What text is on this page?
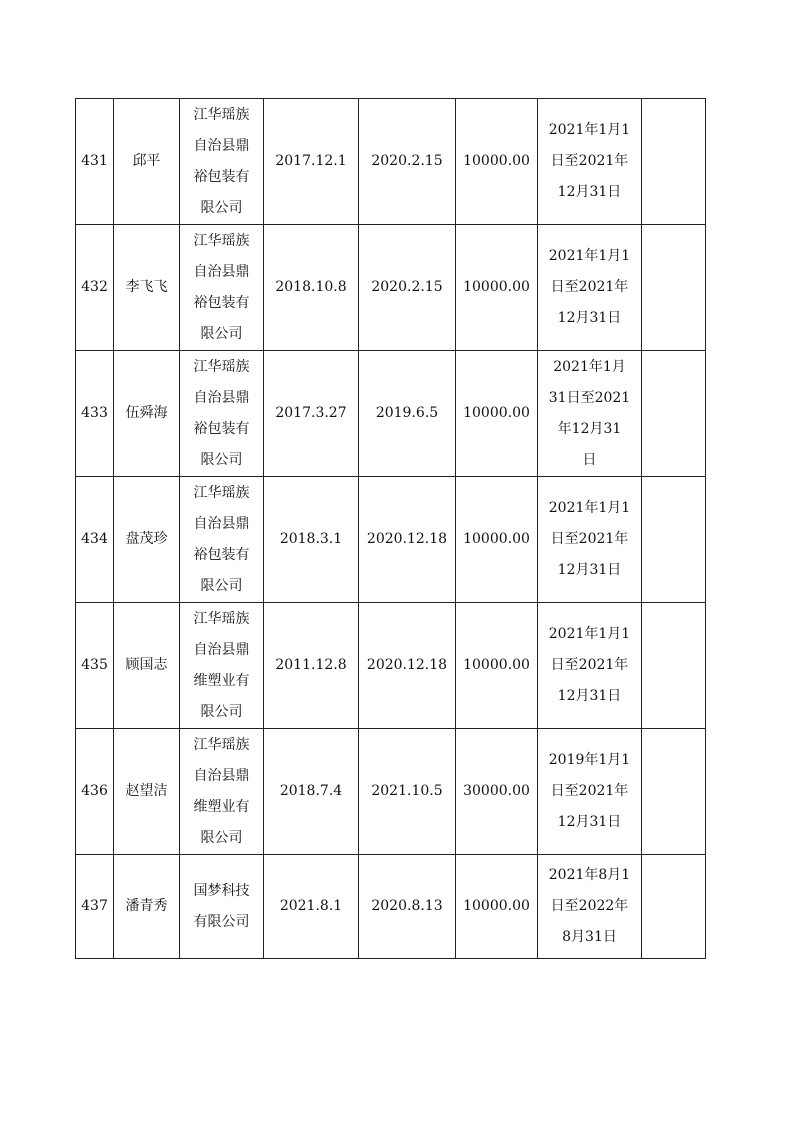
431	邱平	江华瑶族
自治县鼎
裕包装有
限公司	2017.12.1	2020.2.15	10000.00	2021年1月1
日至2021年
12月31日	

432	李飞飞	江华瑶族
自治县鼎
裕包装有
限公司	2018.10.8	2020.2.15	10000.00	2021年1月1
日至2021年
12月31日	

433	伍舜海	江华瑶族
自治县鼎
裕包装有
限公司	2017.3.27	2019.6.5	10000.00	2021年1月
31日至2021
年12月31
日	

434	盘茂珍	江华瑶族
自治县鼎
裕包装有
限公司	2018.3.1	2020.12.18	10000.00	2021年1月1
日至2021年
12月31日	

435	顾国志	江华瑶族
自治县鼎
维塑业有
限公司	2011.12.8	2020.12.18	10000.00	2021年1月1
日至2021年
12月31日	

436	赵望洁	江华瑶族
自治县鼎
维塑业有
限公司	2018.7.4	2021.10.5	30000.00	2019年1月1
日至2021年
12月31日	

437	潘青秀	国梦科技
有限公司	2021.8.1	2020.8.13	10000.00	2021年8月1
日至2022年
8月31日	
